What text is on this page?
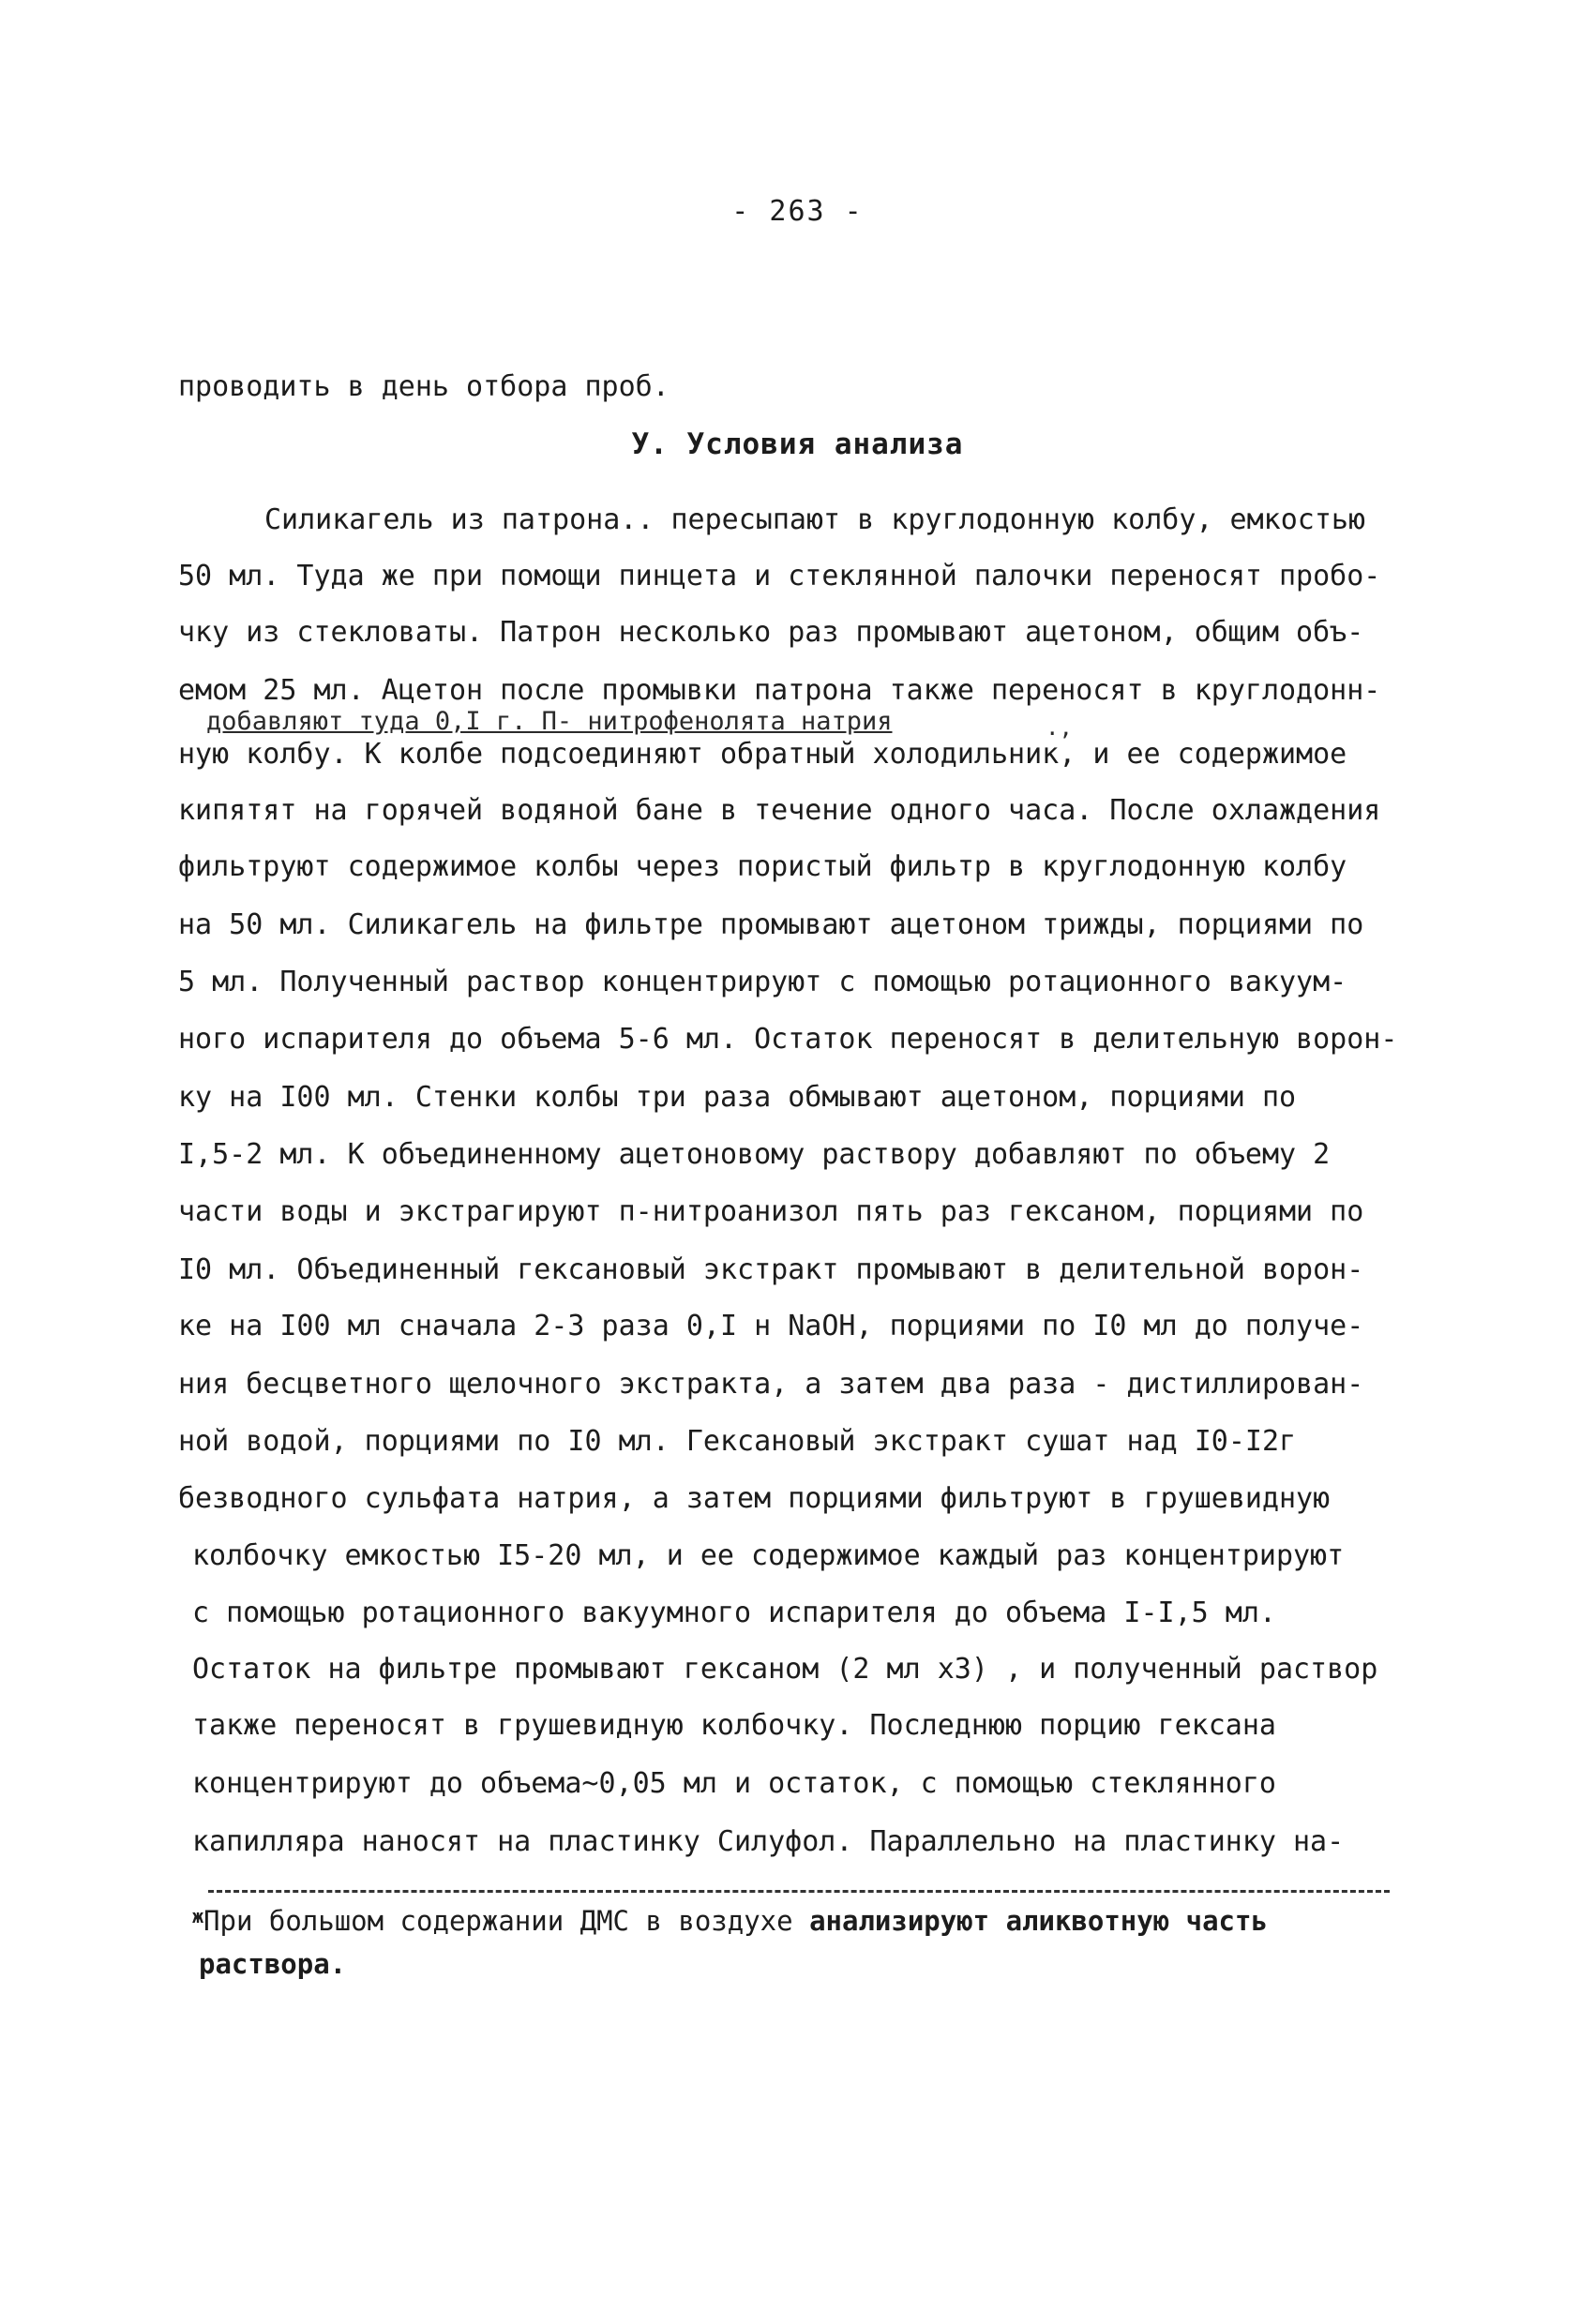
- 263 -
проводить в день отбора проб.
У. Условия анализа
Силикагель из патрона.. пересыпают в круглодонную колбу, емкостью
50 мл. Туда же при помощи пинцета и стеклянной палочки переносят пробо-
чку из стекловаты. Патрон несколько раз промывают ацетоном, общим объ-
емом 25 мл. Ацетон после промывки патрона также переносят в круглодонн-
добавляют туда 0,I г. П- нитрофенолята натрия	.,
ную колбу. К колбе подсоединяют обратный холодильник, и ее содержимое
кипятят на горячей водяной бане в течение одного часа. После охлаждения
фильтруют содержимое колбы через пористый фильтр в круглодонную колбу
на 50 мл. Силикагель на фильтре промывают ацетоном трижды, порциями по
5 мл. Полученный раствор концентрируют с помощью ротационного вакуум-
ного испарителя до объема 5-6 мл. Остаток переносят в делительную ворон-
ку на I00 мл. Стенки колбы три раза обмывают ацетоном, порциями по
I,5-2 мл. К объединенному ацетоновому раствору добавляют по объему 2
части воды и экстрагируют п-нитроанизол пять раз гексаном, порциями по
I0 мл. Объединенный гексановый экстракт промывают в делительной ворон-
ке на I00 мл сначала 2-3 раза 0,I н NaOH, порциями по I0 мл до получе-
ния бесцветного щелочного экстракта, а затем два раза - дистиллирован-
ной водой, порциями по I0 мл. Гексановый экстракт сушат над I0-I2г
безводного сульфата натрия, а затем порциями фильтруют в грушевидную
колбочку емкостью I5-20 мл, и ее содержимое каждый раз концентрируют
с помощью ротационного вакуумного испарителя до объема I-I,5 мл.
Остаток на фильтре промывают гексаном (2 мл х3) , и полученный раствор
также переносят в грушевидную колбочку. Последнюю порцию гексана
концентрируют до объема~0,05 мл и остаток, с помощью стеклянного
капилляра наносят на пластинку Силуфол. Параллельно на пластинку на-
$^ж$При большом содержании ДМС в воздухе анализируют аликвотную часть
раствора.
